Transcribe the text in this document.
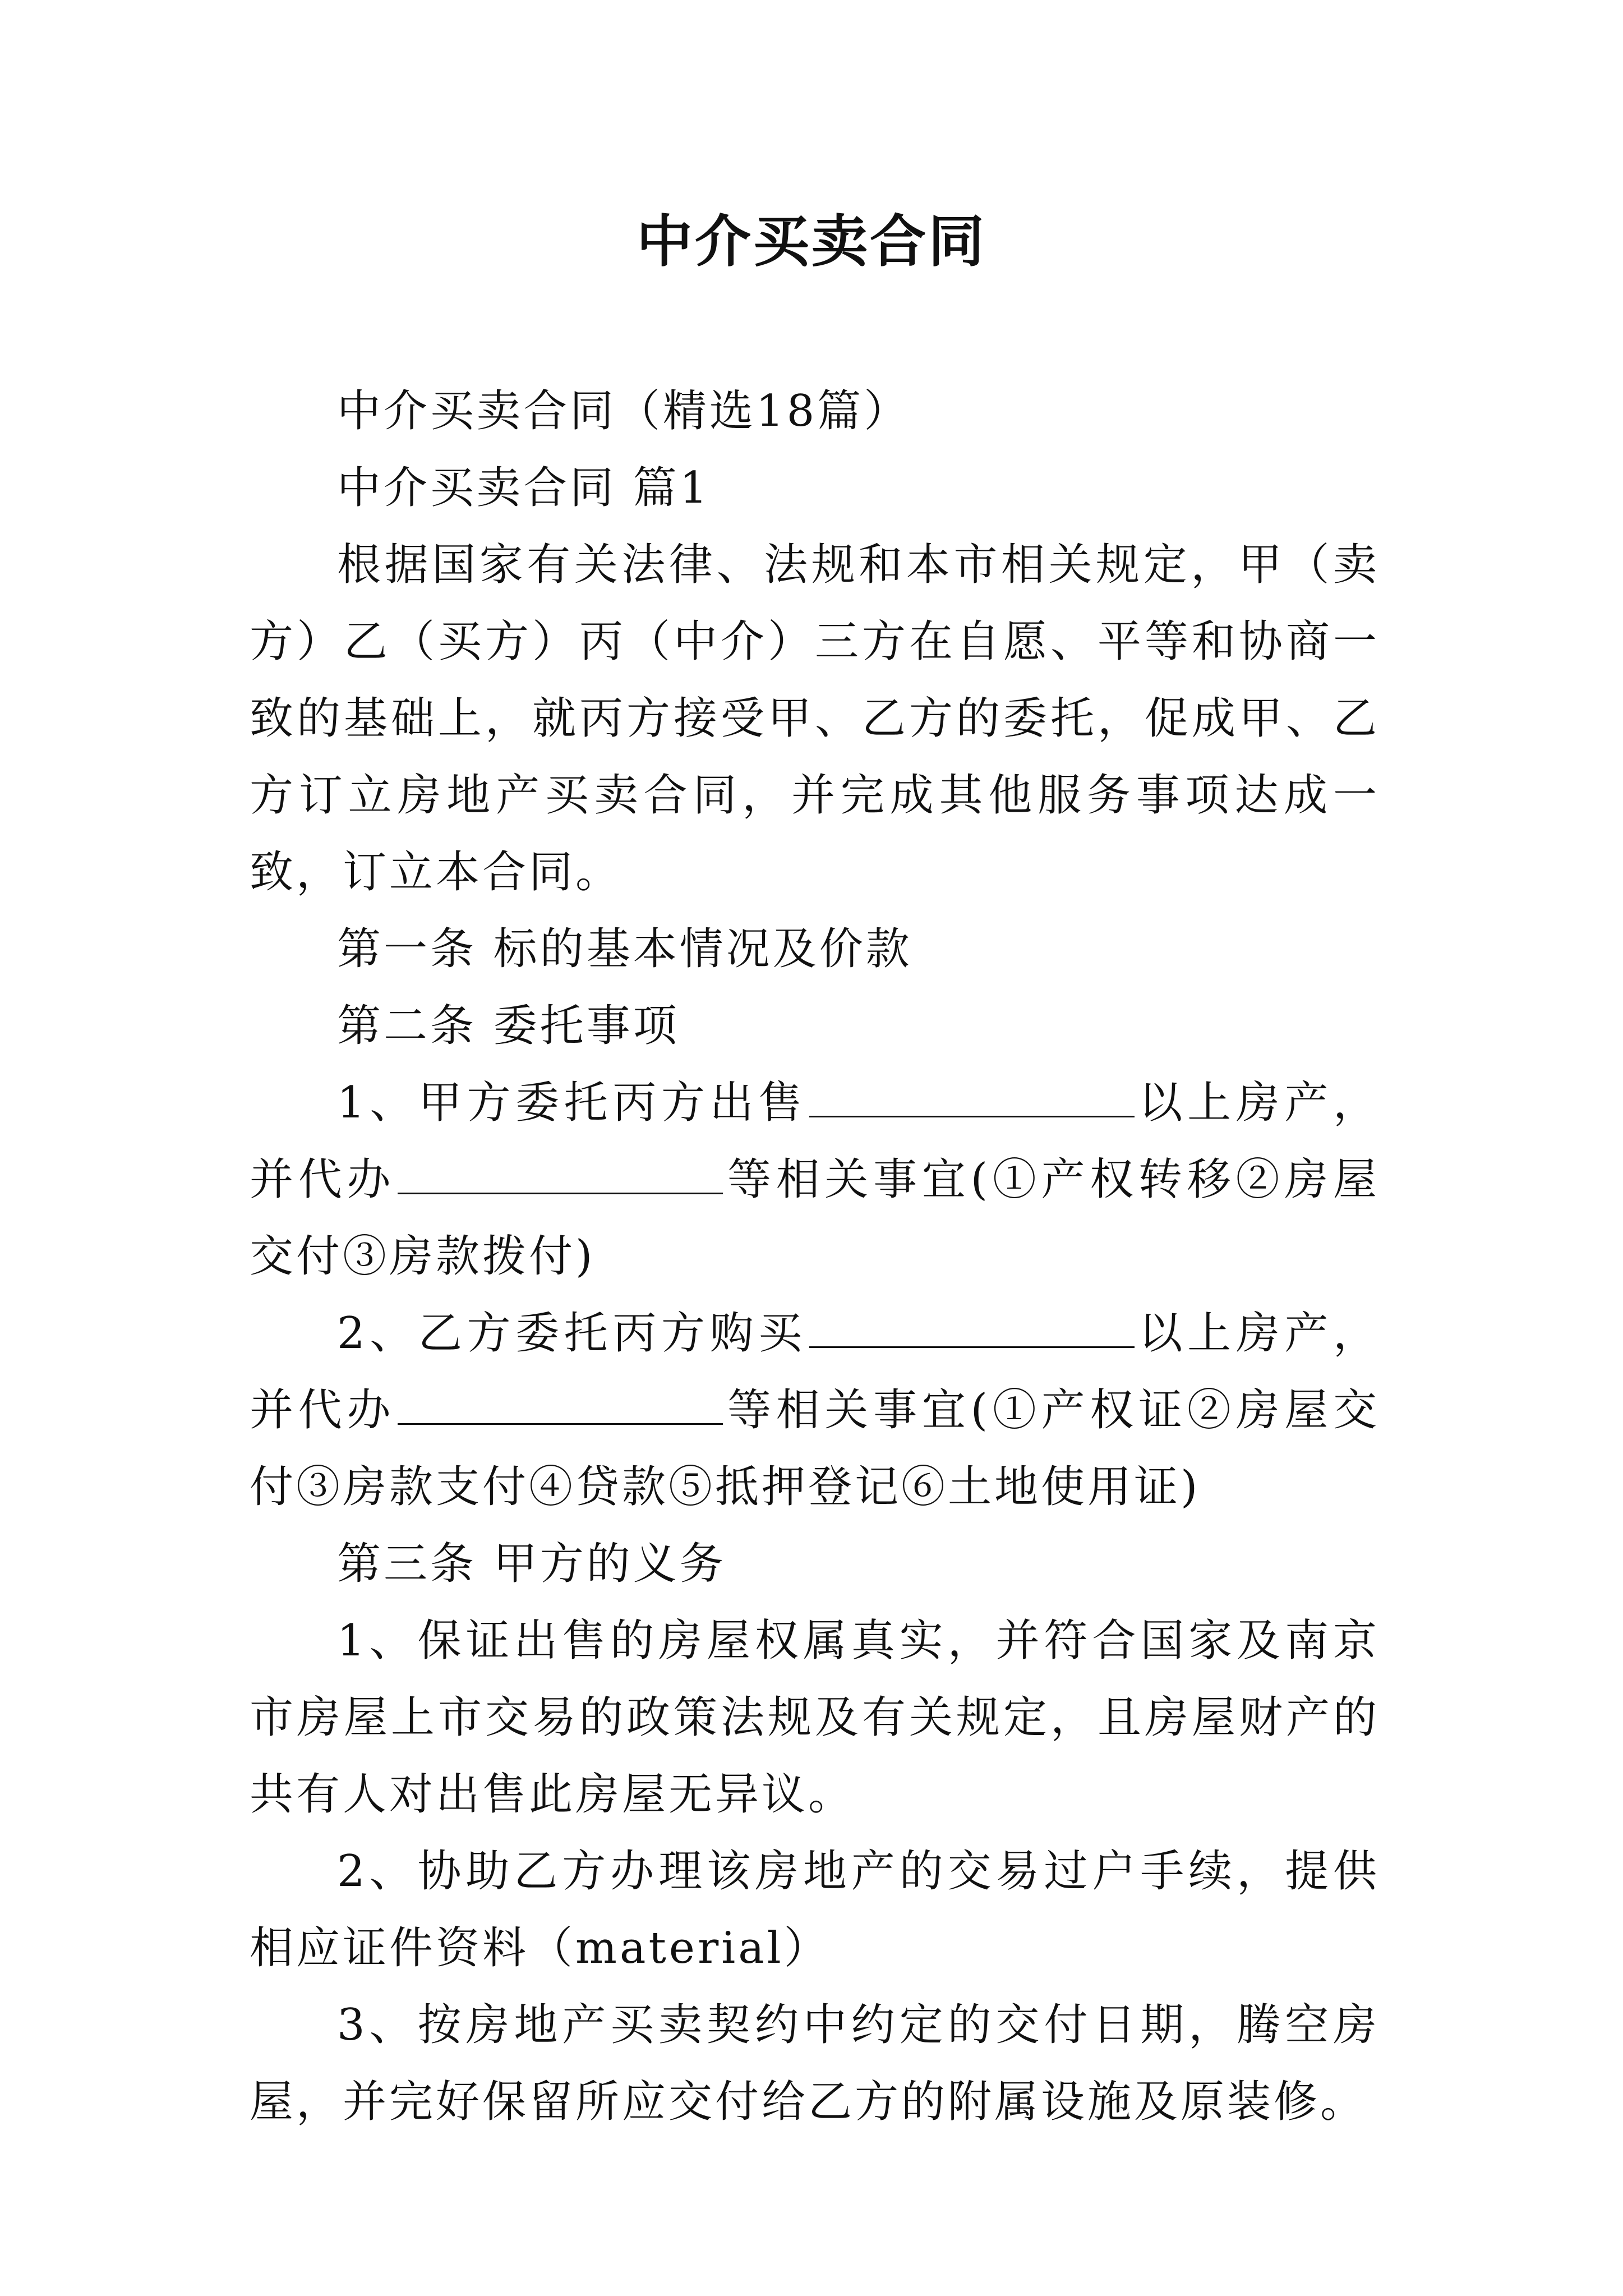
中介买卖合同

中介买卖合同（精选18篇）

中介买卖合同 篇1

根据国家有关法律、法规和本市相关规定，甲（卖方）乙（买方）丙（中介）三方在自愿、平等和协商一致的基础上，就丙方接受甲、乙方的委托，促成甲、乙方订立房地产买卖合同，并完成其他服务事项达成一致，订立本合同。

第一条 标的基本情况及价款

第二条 委托事项

1、甲方委托丙方出售	以上房产，并代办	等相关事宜(①产权转移②房屋交付③房款拨付)

2、乙方委托丙方购买	以上房产，并代办	等相关事宜(①产权证②房屋交付③房款支付④贷款⑤抵押登记⑥土地使用证)

第三条 甲方的义务

1、保证出售的房屋权属真实，并符合国家及南京市房屋上市交易的政策法规及有关规定，且房屋财产的共有人对出售此房屋无异议。

2、协助乙方办理该房地产的交易过户手续，提供相应证件资料（material）

3、按房地产买卖契约中约定的交付日期，腾空房屋，并完好保留所应交付给乙方的附属设施及原装修。
